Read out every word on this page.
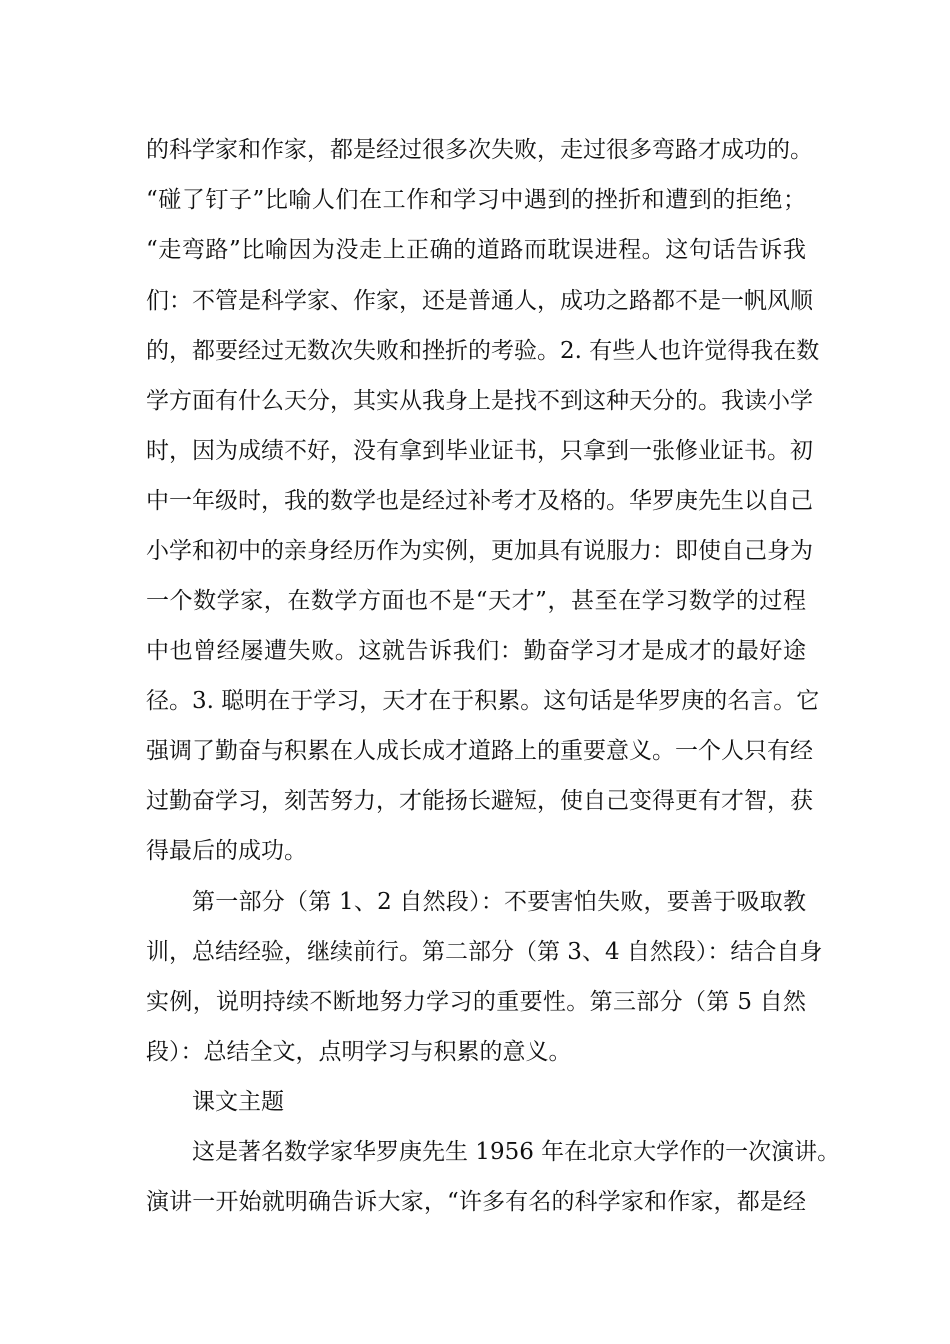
的科学家和作家，都是经过很多次失败，走过很多弯路才成功的。
“碰了钉子”比喻人们在工作和学习中遇到的挫折和遭到的拒绝；
“走弯路”比喻因为没走上正确的道路而耽误进程。这句话告诉我
们：不管是科学家、作家，还是普通人，成功之路都不是一帆风顺
的，都要经过无数次失败和挫折的考验。2. 有些人也许觉得我在数
学方面有什么天分，其实从我身上是找不到这种天分的。我读小学
时，因为成绩不好，没有拿到毕业证书，只拿到一张修业证书。初
中一年级时，我的数学也是经过补考才及格的。华罗庚先生以自己
小学和初中的亲身经历作为实例，更加具有说服力：即使自己身为
一个数学家，在数学方面也不是“天才”，甚至在学习数学的过程
中也曾经屡遭失败。这就告诉我们：勤奋学习才是成才的最好途
径。3. 聪明在于学习，天才在于积累。这句话是华罗庚的名言。它
强调了勤奋与积累在人成长成才道路上的重要意义。一个人只有经
过勤奋学习，刻苦努力，才能扬长避短，使自己变得更有才智，获
得最后的成功。
第一部分（第 1、2 自然段）：不要害怕失败，要善于吸取教
训，总结经验，继续前行。第二部分（第 3、4 自然段）：结合自身
实例，说明持续不断地努力学习的重要性。第三部分（第 5 自然
段）：总结全文，点明学习与积累的意义。
课文主题
这是著名数学家华罗庚先生 1956 年在北京大学作的一次演讲。
演讲一开始就明确告诉大家，“许多有名的科学家和作家，都是经
